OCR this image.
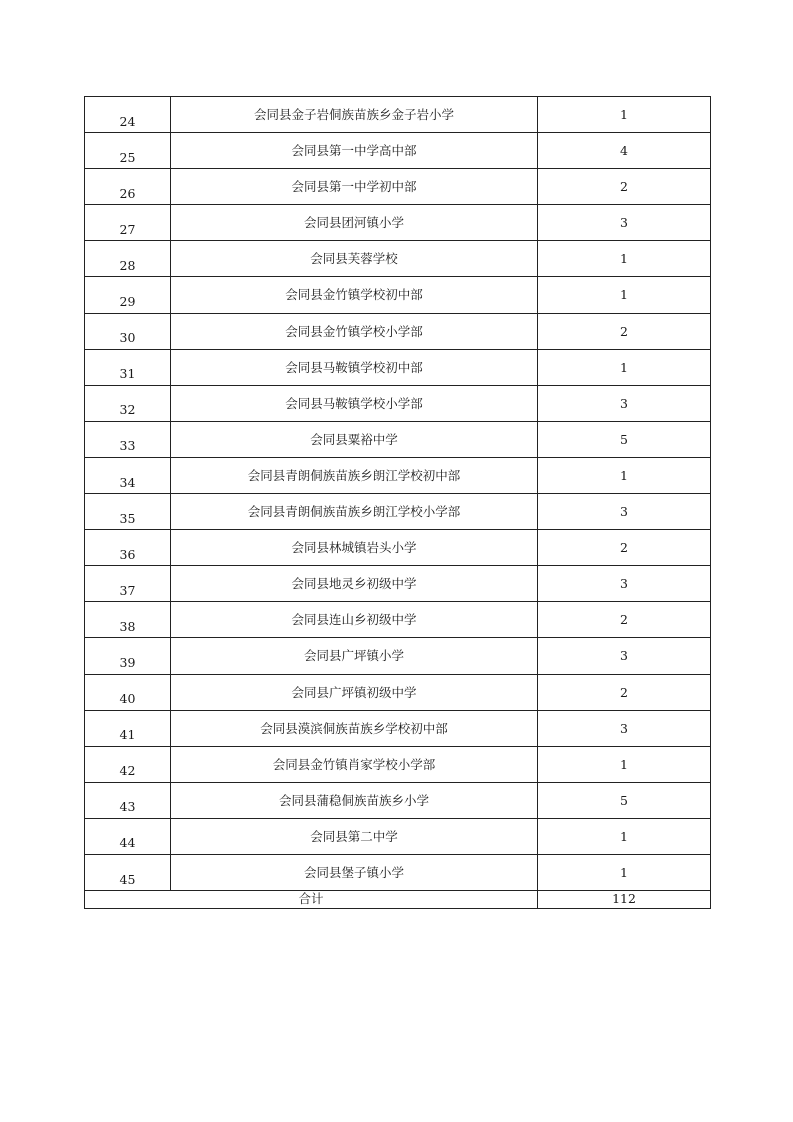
24	会同县金子岩侗族苗族乡金子岩小学	1
25	会同县第一中学高中部	4
26	会同县第一中学初中部	2
27	会同县团河镇小学	3
28	会同县芙蓉学校	1
29	会同县金竹镇学校初中部	1
30	会同县金竹镇学校小学部	2
31	会同县马鞍镇学校初中部	1
32	会同县马鞍镇学校小学部	3
33	会同县粟裕中学	5
34	会同县青朗侗族苗族乡朗江学校初中部	1
35	会同县青朗侗族苗族乡朗江学校小学部	3
36	会同县林城镇岩头小学	2
37	会同县地灵乡初级中学	3
38	会同县连山乡初级中学	2
39	会同县广坪镇小学	3
40	会同县广坪镇初级中学	2
41	会同县漠滨侗族苗族乡学校初中部	3
42	会同县金竹镇肖家学校小学部	1
43	会同县蒲稳侗族苗族乡小学	5
44	会同县第二中学	1
45	会同县堡子镇小学	1
合计		112
